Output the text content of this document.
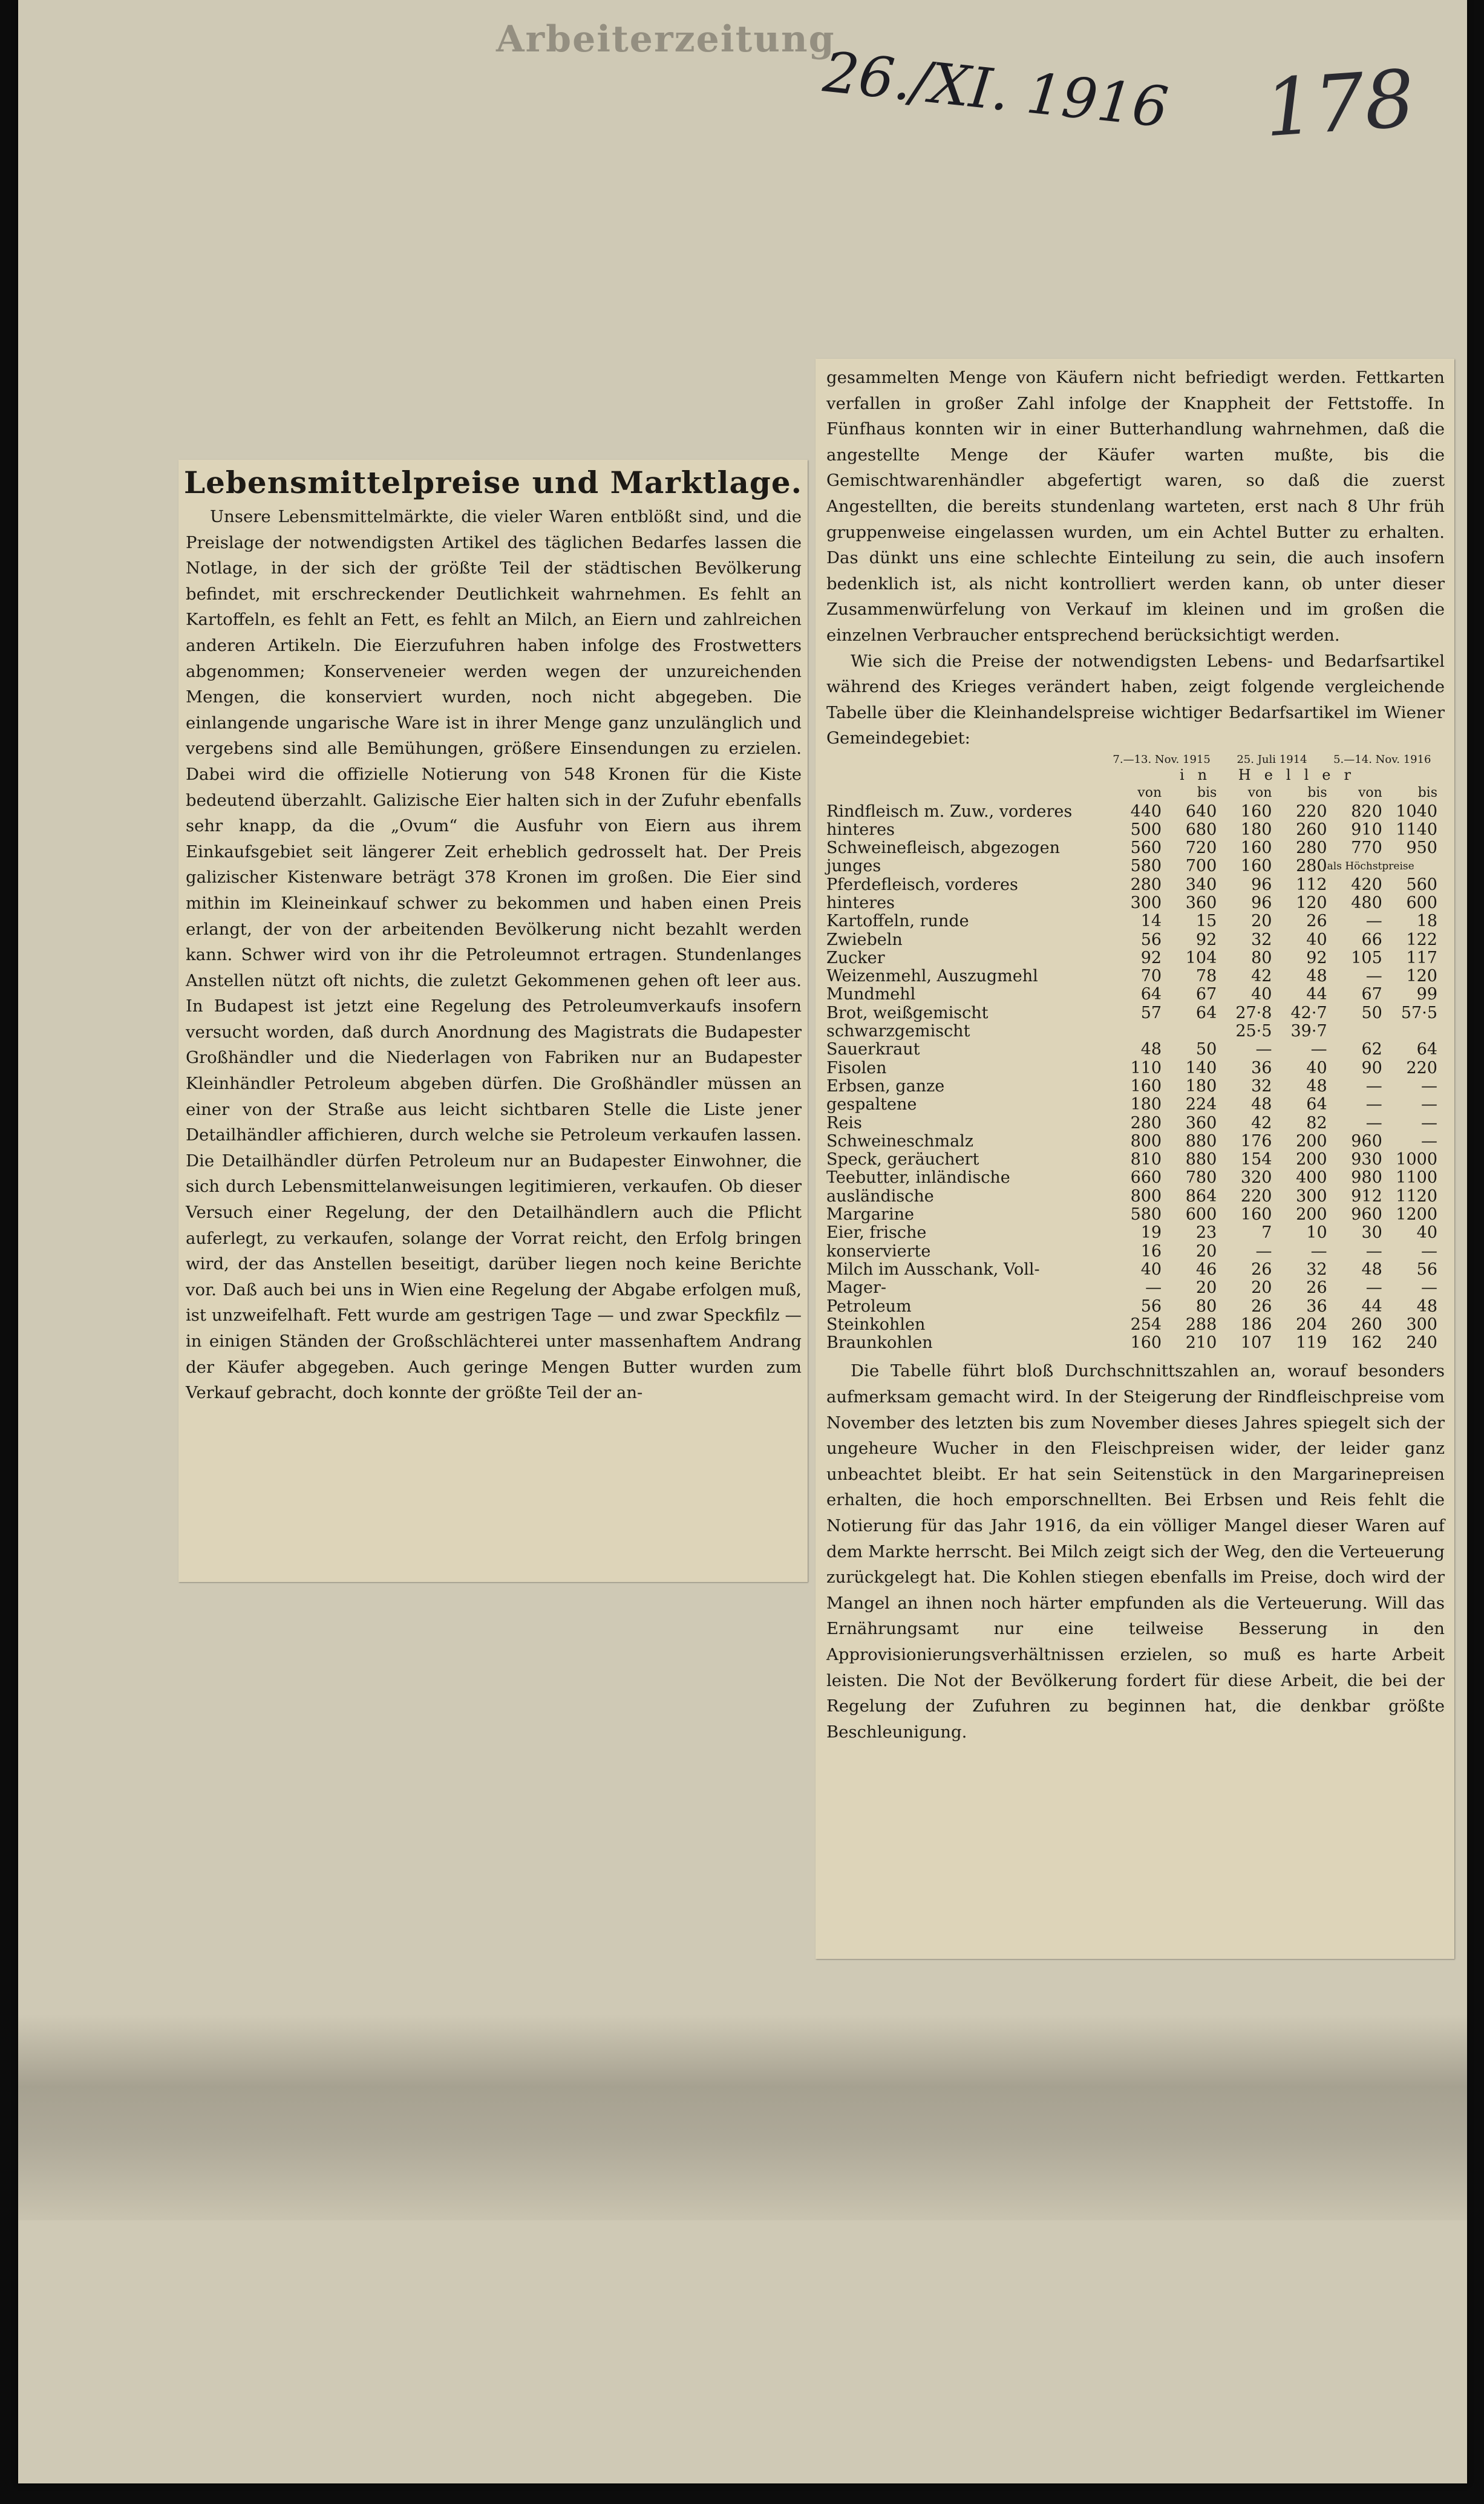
Arbeiterzeitung
26./XI. 1916 178
Lebensmittelpreise und Marktlage.

Unsere Lebensmittelmärkte, die vieler Waren entblößt sind, und die Preislage der notwendigsten Artikel des täglichen Bedarfes lassen die Notlage, in der sich der größte Teil der städtischen Bevölkerung befindet, mit erschreckender Deutlichkeit wahrnehmen. Es fehlt an Kartoffeln, es fehlt an Fett, es fehlt an Milch, an Eiern und zahlreichen anderen Artikeln. Die Eierzufuhren haben infolge des Frostwetters abgenommen; Konserveneier werden wegen der unzureichenden Mengen, die konserviert wurden, noch nicht abgegeben. Die einlangende ungarische Ware ist in ihrer Menge ganz unzulänglich und vergebens sind alle Bemühungen, größere Einsendungen zu erzielen. Dabei wird die offizielle Notierung von 548 Kronen für die Kiste bedeutend überzahlt. Galizische Eier halten sich in der Zufuhr ebenfalls sehr knapp, da die „Ovum“ die Ausfuhr von Eiern aus ihrem Einkaufsgebiet seit längerer Zeit erheblich gedrosselt hat. Der Preis galizischer Kistenware beträgt 378 Kronen im großen. Die Eier sind mithin im Kleineinkauf schwer zu bekommen und haben einen Preis erlangt, der von der arbeitenden Bevölkerung nicht bezahlt werden kann. Schwer wird von ihr die Petroleumnot ertragen. Stundenlanges Anstellen nützt oft nichts, die zuletzt Gekommenen gehen oft leer aus. In Budapest ist jetzt eine Regelung des Petroleumverkaufs insofern versucht worden, daß durch Anordnung des Magistrats die Budapester Großhändler und die Niederlagen von Fabriken nur an Budapester Kleinhändler Petroleum abgeben dürfen. Die Großhändler müssen an einer von der Straße aus leicht sichtbaren Stelle die Liste jener Detailhändler affichieren, durch welche sie Petroleum verkaufen lassen. Die Detailhändler dürfen Petroleum nur an Budapester Einwohner, die sich durch Lebensmittelanweisungen legitimieren, verkaufen. Ob dieser Versuch einer Regelung, der den Detailhändlern auch die Pflicht auferlegt, zu verkaufen, solange der Vorrat reicht, den Erfolg bringen wird, der das Anstellen beseitigt, darüber liegen noch keine Berichte vor. Daß auch bei uns in Wien eine Regelung der Abgabe erfolgen muß, ist unzweifelhaft. Fett wurde am gestrigen Tage — und zwar Speckfilz — in einigen Ständen der Großschlächterei unter massenhaftem Andrang der Käufer abgegeben. Auch geringe Mengen Butter wurden zum Verkauf gebracht, doch konnte der größte Teil der an-

gesammelten Menge von Käufern nicht befriedigt werden. Fettkarten verfallen in großer Zahl infolge der Knappheit der Fettstoffe. In Fünfhaus konnten wir in einer Butterhandlung wahrnehmen, daß die angestellte Menge der Käufer warten mußte, bis die Gemischtwarenhändler abgefertigt waren, so daß die zuerst Angestellten, die bereits stundenlang warteten, erst nach 8 Uhr früh gruppenweise eingelassen wurden, um ein Achtel Butter zu erhalten. Das dünkt uns eine schlechte Einteilung zu sein, die auch insofern bedenklich ist, als nicht kontrolliert werden kann, ob unter dieser Zusammenwürfelung von Verkauf im kleinen und im großen die einzelnen Verbraucher entsprechend berücksichtigt werden.

Wie sich die Preise der notwendigsten Lebens- und Bedarfsartikel während des Krieges verändert haben, zeigt folgende vergleichende Tabelle über die Kleinhandelspreise wichtiger Bedarfsartikel im Wiener Gemeindegebiet:

	7.—13. Nov. 1915		25. Juli 1914		5.—14. Nov. 1916	
	in Heller					
	von	bis	von	bis	von	bis
Rindfleisch m. Zuw., vorderes	440	640	160	220	820	1040
hinteres	500	680	180	260	910	1140
Schweinefleisch, abgezogen	560	720	160	280	770	950
junges	580	700	160	280	als Höchstpreise	
Pferdefleisch, vorderes	280	340	96	112	420	560
hinteres	300	360	96	120	480	600
Kartoffeln, runde	14	15	20	26	—	18
Zwiebeln	56	92	32	40	66	122
Zucker	92	104	80	92	105	117
Weizenmehl, Auszugmehl	70	78	42	48	—	120
Mundmehl	64	67	40	44	67	99
Brot, weißgemischt	57	64	27·8	42·7	50	57·5
schwarzgemischt			25·5	39·7		
Sauerkraut	48	50	—	—	62	64
Fisolen	110	140	36	40	90	220
Erbsen, ganze	160	180	32	48	—	—
gespaltene	180	224	48	64	—	—
Reis	280	360	42	82	—	—
Schweineschmalz	800	880	176	200	960	—
Speck, geräuchert	810	880	154	200	930	1000
Teebutter, inländische	660	780	320	400	980	1100
ausländische	800	864	220	300	912	1120
Margarine	580	600	160	200	960	1200
Eier, frische	19	23	7	10	30	40
konservierte	16	20	—	—	—	—
Milch im Ausschank, Voll-	40	46	26	32	48	56
Mager-	—	20	20	26	—	—
Petroleum	56	80	26	36	44	48
Steinkohlen	254	288	186	204	260	300
Braunkohlen	160	210	107	119	162	240

Die Tabelle führt bloß Durchschnittszahlen an, worauf besonders aufmerksam gemacht wird. In der Steigerung der Rindfleischpreise vom November des letzten bis zum November dieses Jahres spiegelt sich der ungeheure Wucher in den Fleischpreisen wider, der leider ganz unbeachtet bleibt. Er hat sein Seitenstück in den Margarinepreisen erhalten, die hoch emporschnellten. Bei Erbsen und Reis fehlt die Notierung für das Jahr 1916, da ein völliger Mangel dieser Waren auf dem Markte herrscht. Bei Milch zeigt sich der Weg, den die Verteuerung zurückgelegt hat. Die Kohlen stiegen ebenfalls im Preise, doch wird der Mangel an ihnen noch härter empfunden als die Verteuerung. Will das Ernährungsamt nur eine teilweise Besserung in den Approvisionierungsverhältnissen erzielen, so muß es harte Arbeit leisten. Die Not der Bevölkerung fordert für diese Arbeit, die bei der Regelung der Zufuhren zu beginnen hat, die denkbar größte Beschleunigung.
